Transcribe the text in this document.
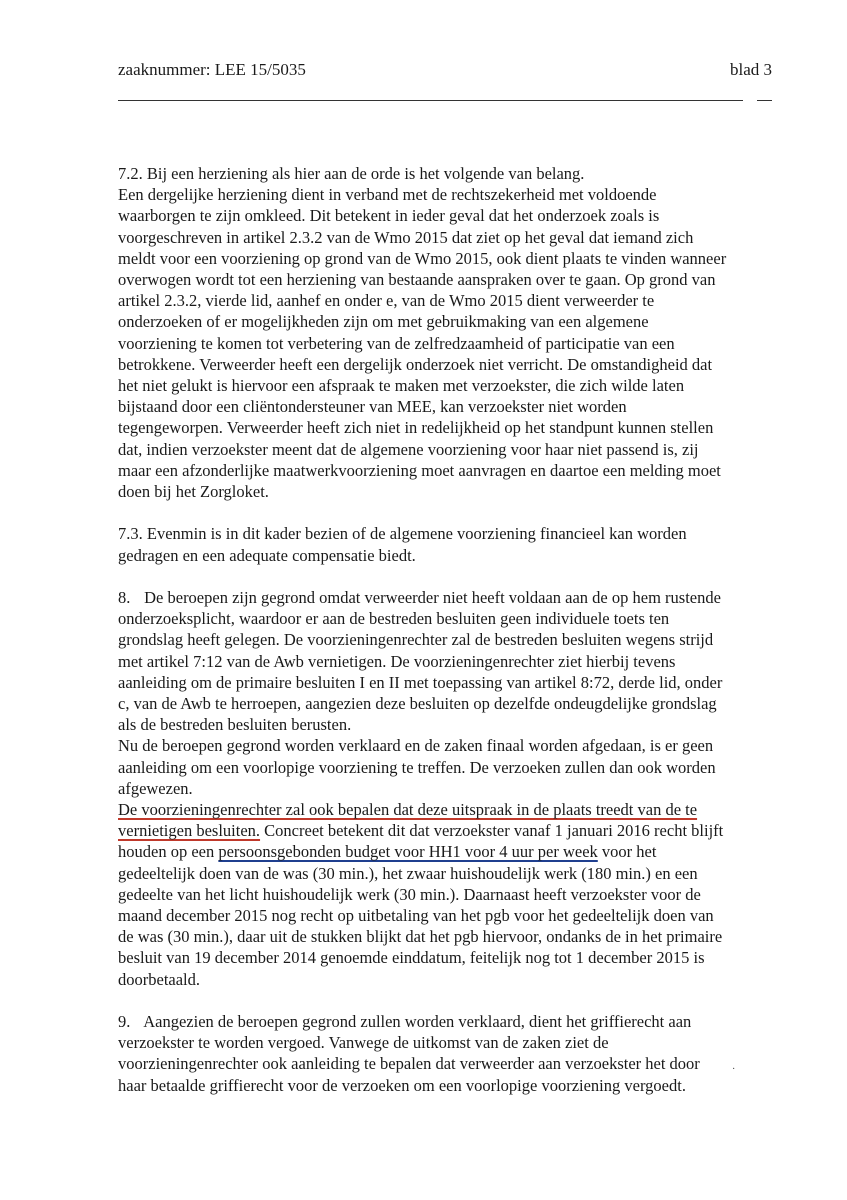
zaaknummer: LEE 15/5035	blad 3
7.2. Bij een herziening als hier aan de orde is het volgende van belang.
Een dergelijke herziening dient in verband met de rechtszekerheid met voldoende
waarborgen te zijn omkleed. Dit betekent in ieder geval dat het onderzoek zoals is
voorgeschreven in artikel 2.3.2 van de Wmo 2015 dat ziet op het geval dat iemand zich
meldt voor een voorziening op grond van de Wmo 2015, ook dient plaats te vinden wanneer
overwogen wordt tot een herziening van bestaande aanspraken over te gaan. Op grond van
artikel 2.3.2, vierde lid, aanhef en onder e, van de Wmo 2015 dient verweerder te
onderzoeken of er mogelijkheden zijn om met gebruikmaking van een algemene
voorziening te komen tot verbetering van de zelfredzaamheid of participatie van een
betrokkene. Verweerder heeft een dergelijk onderzoek niet verricht. De omstandigheid dat
het niet gelukt is hiervoor een afspraak te maken met verzoekster, die zich wilde laten
bijstaand door een cliëntondersteuner van MEE, kan verzoekster niet worden
tegengeworpen. Verweerder heeft zich niet in redelijkheid op het standpunt kunnen stellen
dat, indien verzoekster meent dat de algemene voorziening voor haar niet passend is, zij
maar een afzonderlijke maatwerkvoorziening moet aanvragen en daartoe een melding moet
doen bij het Zorgloket.
7.3. Evenmin is in dit kader bezien of de algemene voorziening financieel kan worden
gedragen en een adequate compensatie biedt.
8. De beroepen zijn gegrond omdat verweerder niet heeft voldaan aan de op hem rustende
onderzoeksplicht, waardoor er aan de bestreden besluiten geen individuele toets ten
grondslag heeft gelegen. De voorzieningenrechter zal de bestreden besluiten wegens strijd
met artikel 7:12 van de Awb vernietigen. De voorzieningenrechter ziet hierbij tevens
aanleiding om de primaire besluiten I en II met toepassing van artikel 8:72, derde lid, onder
c, van de Awb te herroepen, aangezien deze besluiten op dezelfde ondeugdelijke grondslag
als de bestreden besluiten berusten.
Nu de beroepen gegrond worden verklaard en de zaken finaal worden afgedaan, is er geen
aanleiding om een voorlopige voorziening te treffen. De verzoeken zullen dan ook worden
afgewezen.
De voorzieningenrechter zal ook bepalen dat deze uitspraak in de plaats treedt van de te
vernietigen besluiten. Concreet betekent dit dat verzoekster vanaf 1 januari 2016 recht blijft
houden op een persoonsgebonden budget voor HH1 voor 4 uur per week voor het
gedeeltelijk doen van de was (30 min.), het zwaar huishoudelijk werk (180 min.) en een
gedeelte van het licht huishoudelijk werk (30 min.). Daarnaast heeft verzoekster voor de
maand december 2015 nog recht op uitbetaling van het pgb voor het gedeeltelijk doen van
de was (30 min.), daar uit de stukken blijkt dat het pgb hiervoor, ondanks de in het primaire
besluit van 19 december 2014 genoemde einddatum, feitelijk nog tot 1 december 2015 is
doorbetaald.
9. Aangezien de beroepen gegrond zullen worden verklaard, dient het griffierecht aan
verzoekster te worden vergoed. Vanwege de uitkomst van de zaken ziet de
voorzieningenrechter ook aanleiding te bepalen dat verweerder aan verzoekster het door
haar betaalde griffierecht voor de verzoeken om een voorlopige voorziening vergoedt.
·
